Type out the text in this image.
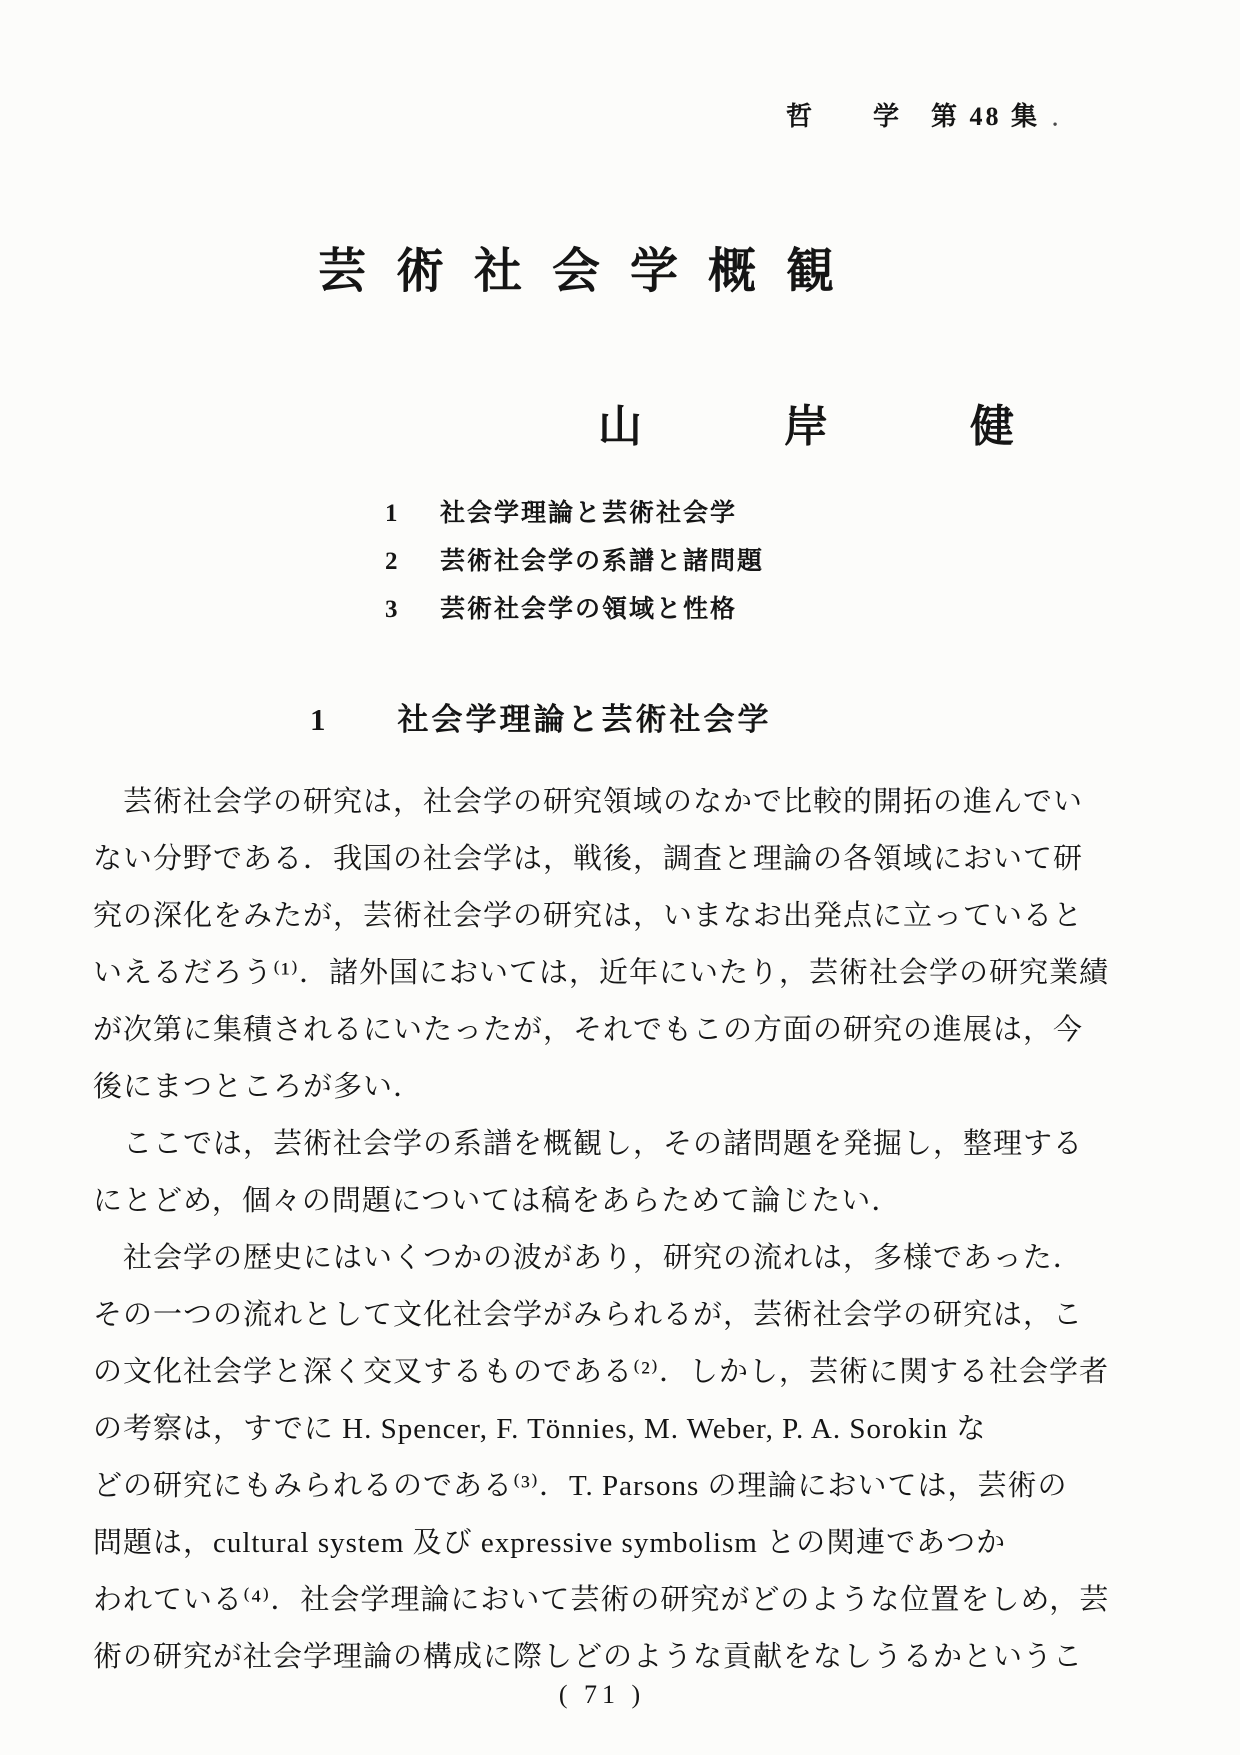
哲　　学　第 48 集 ．
芸術社会学概観
山岸健
1	社会学理論と芸術社会学
2	芸術社会学の系譜と諸問題
3	芸術社会学の領域と性格
1 社会学理論と芸術社会学
　芸術社会学の研究は，社会学の研究領域のなかで比較的開拓の進んでい
ない分野である．我国の社会学は，戦後，調査と理論の各領域において研
究の深化をみたが，芸術社会学の研究は，いまなお出発点に立っていると
いえるだろう⁽¹⁾．諸外国においては，近年にいたり，芸術社会学の研究業績
が次第に集積されるにいたったが，それでもこの方面の研究の進展は，今
後にまつところが多い．
　ここでは，芸術社会学の系譜を概観し，その諸問題を発掘し，整理する
にとどめ，個々の問題については稿をあらためて論じたい．
　社会学の歴史にはいくつかの波があり，研究の流れは，多様であった．
その一つの流れとして文化社会学がみられるが，芸術社会学の研究は，こ
の文化社会学と深く交叉するものである⁽²⁾．しかし，芸術に関する社会学者
の考察は，すでに H. Spencer, F. Tönnies, M. Weber, P. A. Sorokin な
どの研究にもみられるのである⁽³⁾．T. Parsons の理論においては，芸術の
問題は，cultural system 及び expressive symbolism との関連であつか
われている⁽⁴⁾．社会学理論において芸術の研究がどのような位置をしめ，芸
術の研究が社会学理論の構成に際しどのような貢献をなしうるかというこ
( 71 )
